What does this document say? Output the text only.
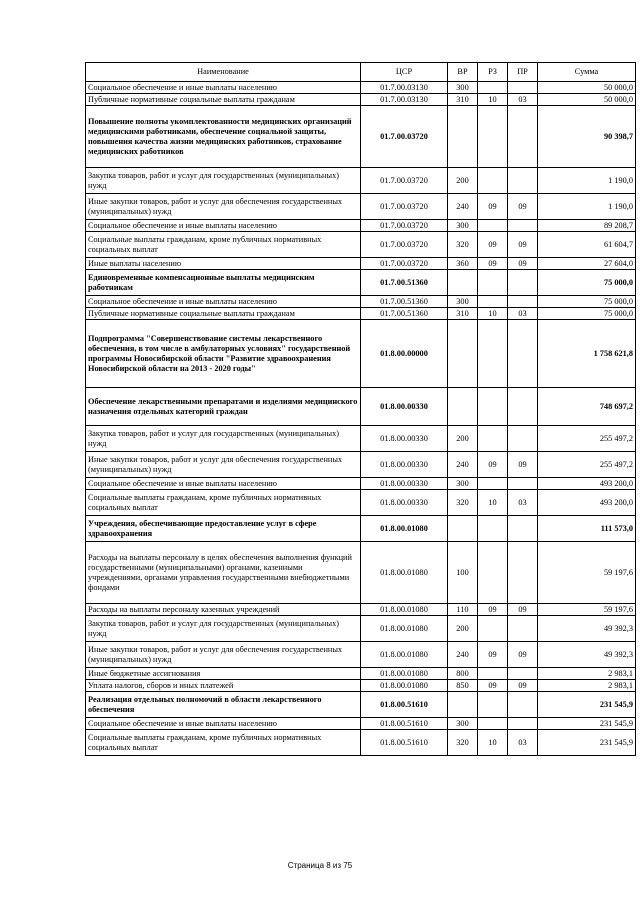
Наименование	ЦСР	ВР	РЗ	ПР	Сумма
Социальное обеспечение и иные выплаты населению	01.7.00.03130	300			50 000,0
Публичные нормативные социальные выплаты гражданам	01.7.00.03130	310	10	03	50 000,0
Повышение полноты укомплектованности медицинских организаций медицинскими работниками, обеспечение социальной защиты, повышения качества жизни медицинских работников, страхование медицинских работников	01.7.00.03720				90 398,7
Закупка товаров, работ и услуг для государственных (муниципальных) нужд	01.7.00.03720	200			1 190,0
Иные закупки товаров, работ и услуг для обеспечения государственных (муниципальных) нужд	01.7.00.03720	240	09	09	1 190,0
Социальное обеспечение и иные выплаты населению	01.7.00.03720	300			89 208,7
Социальные выплаты гражданам, кроме публичных нормативных социальных выплат	01.7.00.03720	320	09	09	61 604,7
Иные выплаты населению	01.7.00.03720	360	09	09	27 604,0
Единовременные компенсационные выплаты медицинским работникам	01.7.00.51360				75 000,0
Социальное обеспечение и иные выплаты населению	01.7.00.51360	300			75 000,0
Публичные нормативные социальные выплаты гражданам	01.7.00.51360	310	10	03	75 000,0
Подпрограмма "Совершенствование системы лекарственного обеспечения, в том числе в амбулаторных условиях" государственной программы Новосибирской области "Развитие здравоохранения Новосибирской области на 2013 - 2020 годы"	01.8.00.00000				1 758 621,8
Обеспечение лекарственными препаратами и изделиями медицинского назначения отдельных категорий граждан	01.8.00.00330				748 697,2
Закупка товаров, работ и услуг для государственных (муниципальных) нужд	01.8.00.00330	200			255 497,2
Иные закупки товаров, работ и услуг для обеспечения государственных (муниципальных) нужд	01.8.00.00330	240	09	09	255 497,2
Социальное обеспечение и иные выплаты населению	01.8.00.00330	300			493 200,0
Социальные выплаты гражданам, кроме публичных нормативных социальных выплат	01.8.00.00330	320	10	03	493 200,0
Учреждения, обеспечивающие предоставление услуг в сфере здравоохранения	01.8.00.01080				111 573,0
Расходы на выплаты персоналу в целях обеспечения выполнения функций государственными (муниципальными) органами, казенными учреждениями, органами управления государственными внебюджетными фондами	01.8.00.01080	100			59 197,6
Расходы на выплаты персоналу казенных учреждений	01.8.00.01080	110	09	09	59 197,6
Закупка товаров, работ и услуг для государственных (муниципальных) нужд	01.8.00.01080	200			49 392,3
Иные закупки товаров, работ и услуг для обеспечения государственных (муниципальных) нужд	01.8.00.01080	240	09	09	49 392,3
Иные бюджетные ассигнования	01.8.00.01080	800			2 983,1
Уплата налогов, сборов и иных платежей	01.8.00.01080	850	09	09	2 983,1
Реализация отдельных полномочий в области лекарственного обеспечения	01.8.00.51610				231 545,9
Социальное обеспечение и иные выплаты населению	01.8.00.51610	300			231 545,9
Социальные выплаты гражданам, кроме публичных нормативных социальных выплат	01.8.00.51610	320	10	03	231 545,9
Страница 8 из 75
